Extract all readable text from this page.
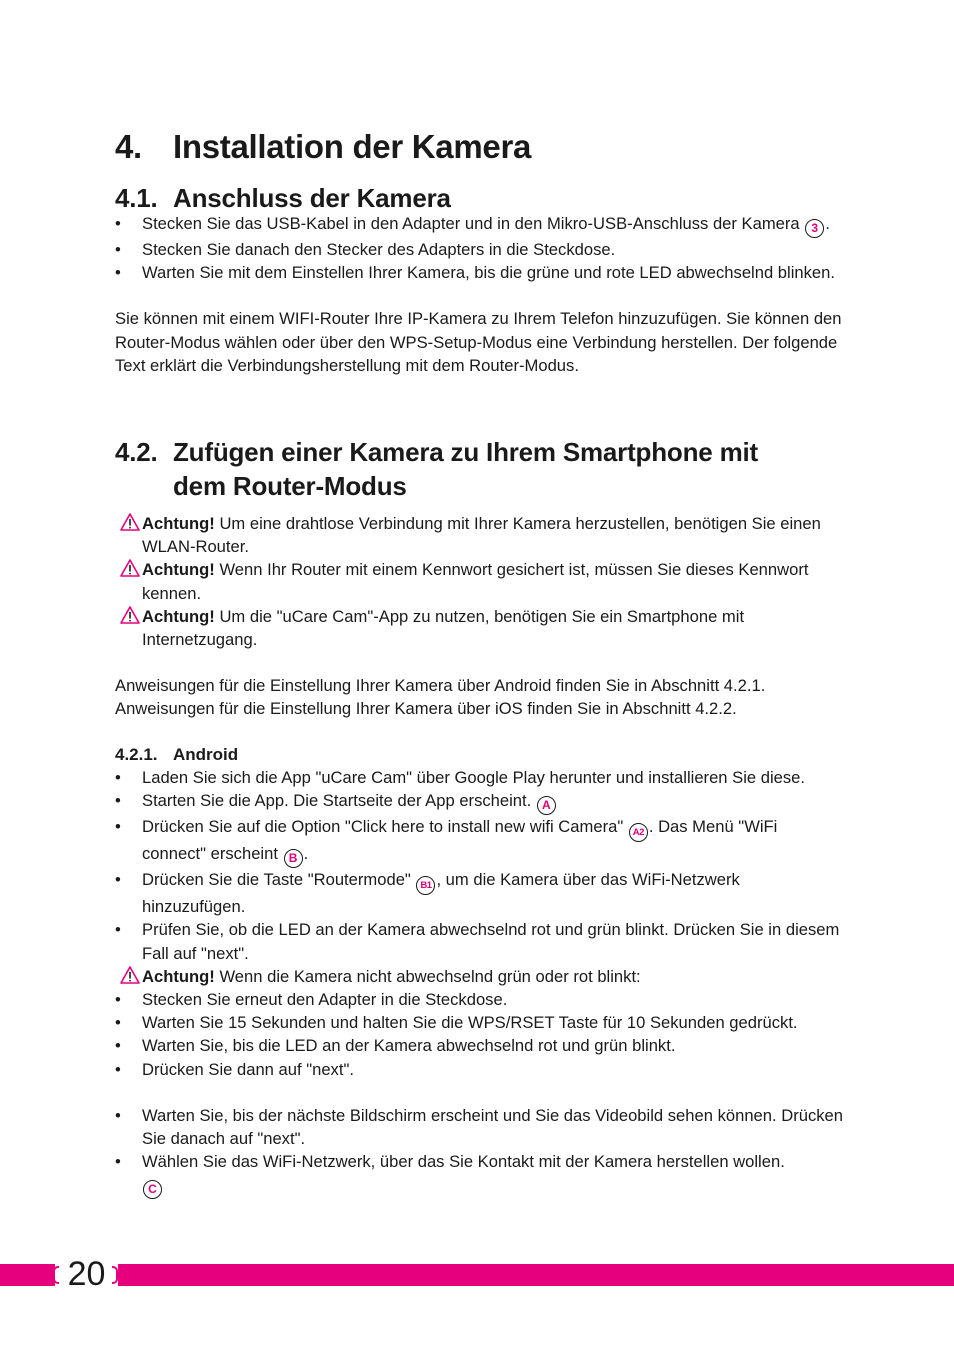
4. Installation der Kamera
4.1. Anschluss der Kamera

• Stecken Sie das USB-Kabel in den Adapter und in den Mikro-USB-Anschluss der Kamera 3 .

• Stecken Sie danach den Stecker des Adapters in die Steckdose.

• Warten Sie mit dem Einstellen Ihrer Kamera, bis die grüne und rote LED abwechselnd blinken.

Sie können mit einem WIFI-Router Ihre IP-Kamera zu Ihrem Telefon hinzuzufügen. Sie können den Router-Modus wählen oder über den WPS-Setup-Modus eine Verbindung herstellen. Der folgende Text erklärt die Verbindungsherstellung mit dem Router-Modus.

4.2. Zufügen einer Kamera zu Ihrem Smartphone mit
dem Router-Modus

Achtung! Um eine drahtlose Verbindung mit Ihrer Kamera herzustellen, benötigen Sie einen WLAN-Router.

Achtung! Wenn Ihr Router mit einem Kennwort gesichert ist, müssen Sie dieses Kennwort kennen.

Achtung! Um die "uCare Cam"-App zu nutzen, benötigen Sie ein Smartphone mit Internetzugang.

Anweisungen für die Einstellung Ihrer Kamera über Android finden Sie in Abschnitt 4.2.1.

Anweisungen für die Einstellung Ihrer Kamera über iOS finden Sie in Abschnitt 4.2.2.

4.2.1. Android

• Laden Sie sich die App "uCare Cam" über Google Play herunter und installieren Sie diese.

• Starten Sie die App. Die Startseite der App erscheint. A

• Drücken Sie auf die Option "Click here to install new wifi Camera" A2 . Das Menü "WiFi connect" erscheint B .

• Drücken Sie die Taste "Routermode" B1 , um die Kamera über das WiFi-Netzwerk hinzuzufügen.

• Prüfen Sie, ob die LED an der Kamera abwechselnd rot und grün blinkt. Drücken Sie in diesem Fall auf "next".

Achtung! Wenn die Kamera nicht abwechselnd grün oder rot blinkt:

• Stecken Sie erneut den Adapter in die Steckdose.

• Warten Sie 15 Sekunden und halten Sie die WPS/RSET Taste für 10 Sekunden gedrückt.

• Warten Sie, bis die LED an der Kamera abwechselnd rot und grün blinkt.

• Drücken Sie dann auf "next".

• Warten Sie, bis der nächste Bildschirm erscheint und Sie das Videobild sehen können. Drücken Sie danach auf "next".

• Wählen Sie das WiFi-Netzwerk, über das Sie Kontakt mit der Kamera herstellen wollen.
C

20
